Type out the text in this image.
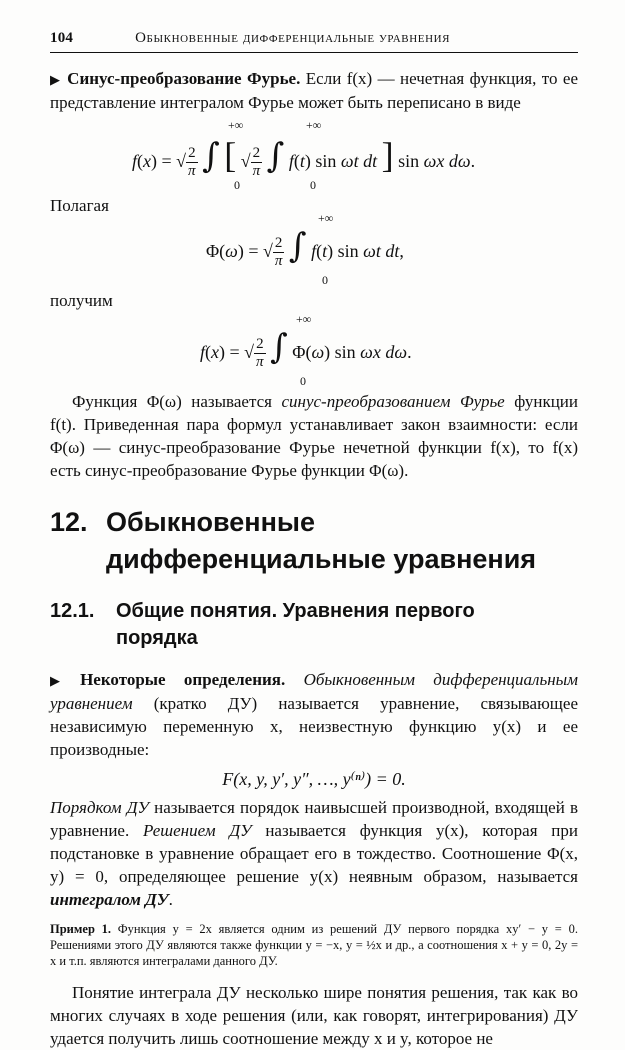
104	Обыкновенные дифференциальные уравнения

▶ Синус-преобразование Фурье. Если f(x) — нечетная функция, то ее представление интегралом Фурье может быть переписано в виде

f(x) = √ $\frac{2}{\pi}$ ∫ [ √ $\frac{2}{\pi}$ ∫ f(t) sin ωt dt ] sin ωx dω.
+∞
0
+∞
0

Полагая

Φ(ω) = √ $\frac{2}{\pi}$ ∫ f(t) sin ωt dt,
+∞
0

получим

f(x) = √ $\frac{2}{\pi}$ ∫ Φ(ω) sin ωx dω.
+∞
0

Функция Φ(ω) называется синус-преобразованием Фурье функции f(t). Приведенная пара формул устанавливает закон взаимности: если Φ(ω) — синус-преобразование Фурье нечетной функции f(x), то f(x) есть синус-преобразование Фурье функции Φ(ω).

12. Обыкновенные
дифференциальные уравнения
12.1. Общие понятия. Уравнения первого
порядка

▶ Некоторые определения. Обыкновенным дифференциальным уравнением (кратко ДУ) называется уравнение, связывающее независимую переменную x, неизвестную функцию y(x) и ее производные:

F(x, y, y′, y″, …, y⁽ⁿ⁾) = 0.

Порядком ДУ называется порядок наивысшей производной, входящей в уравнение. Решением ДУ называется функция y(x), которая при подстановке в уравнение обращает его в тождество. Соотношение Φ(x, y) = 0, определяющее решение y(x) неявным образом, называется интегралом ДУ.

Пример 1. Функция y = 2x является одним из решений ДУ первого порядка xy′ − y = 0. Решениями этого ДУ являются также функции y = −x, y = ½x и др., а соотношения x + y = 0, 2y = x и т.п. являются интегралами данного ДУ.

Понятие интеграла ДУ несколько шире понятия решения, так как во многих случаях в ходе решения (или, как говорят, интегрирования) ДУ удается получить лишь соотношение между x и y, которое не
